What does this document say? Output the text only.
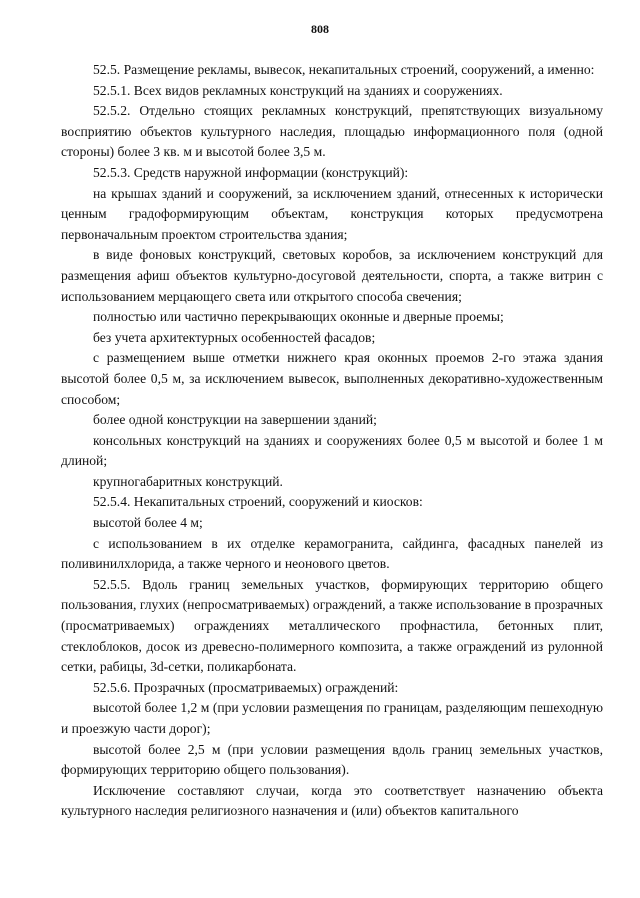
808

52.5. Размещение рекламы, вывесок, некапитальных строений, сооружений, а именно:

52.5.1. Всех видов рекламных конструкций на зданиях и сооружениях.

52.5.2. Отдельно стоящих рекламных конструкций, препятствующих визуальному восприятию объектов культурного наследия, площадью информационного поля (одной стороны) более 3 кв. м и высотой более 3,5 м.

52.5.3. Средств наружной информации (конструкций):

на крышах зданий и сооружений, за исключением зданий, отнесенных к исторически ценным градоформирующим объектам, конструкция которых предусмотрена первоначальным проектом строительства здания;

в виде фоновых конструкций, световых коробов, за исключением конструкций для размещения афиш объектов культурно-досуговой деятельности, спорта, а также витрин с использованием мерцающего света или открытого способа свечения;

полностью или частично перекрывающих оконные и дверные проемы;

без учета архитектурных особенностей фасадов;

с размещением выше отметки нижнего края оконных проемов 2-го этажа здания высотой более 0,5 м, за исключением вывесок, выполненных декоративно-художественным способом;

более одной конструкции на завершении зданий;

консольных конструкций на зданиях и сооружениях более 0,5 м высотой и более 1 м длиной;

крупногабаритных конструкций.

52.5.4. Некапитальных строений, сооружений и киосков:

высотой более 4 м;

с использованием в их отделке керамогранита, сайдинга, фасадных панелей из поливинилхлорида, а также черного и неонового цветов.

52.5.5. Вдоль границ земельных участков, формирующих территорию общего пользования, глухих (непросматриваемых) ограждений, а также использование в прозрачных (просматриваемых) ограждениях металлического профнастила, бетонных плит, стеклоблоков, досок из древесно-полимерного композита, а также ограждений из рулонной сетки, рабицы, 3d-сетки, поликарбоната.

52.5.6. Прозрачных (просматриваемых) ограждений:

высотой более 1,2 м (при условии размещения по границам, разделяющим пешеходную и проезжую части дорог);

высотой более 2,5 м (при условии размещения вдоль границ земельных участков, формирующих территорию общего пользования).

Исключение составляют случаи, когда это соответствует назначению объекта культурного наследия религиозного назначения и (или) объектов капитального
